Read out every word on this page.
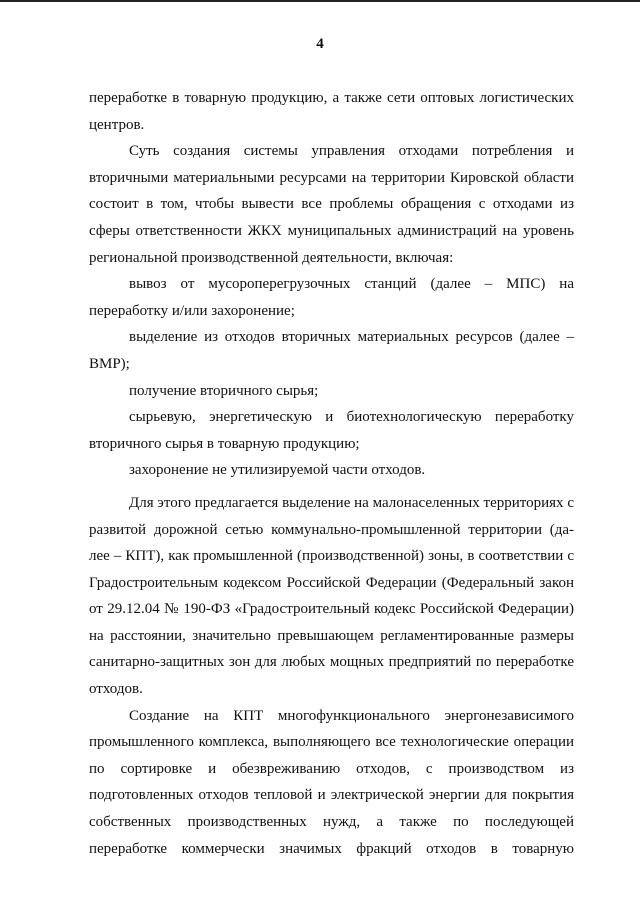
4
переработке в товарную продукцию, а также сети оптовых логистических
центров.
Суть создания системы управления отходами потребления и
вторичными материальными ресурсами на территории Кировской области
состоит в том, чтобы вывести все проблемы обращения с отходами из
сферы ответственности ЖКХ муниципальных администраций на уровень
региональной производственной деятельности, включая:
вывоз от мусороперегрузочных станций (далее – МПС) на
переработку и/или захоронение;
выделение из отходов вторичных материальных ресурсов (далее –
ВМР);
получение вторичного сырья;
сырьевую, энергетическую и биотехнологическую переработку
вторичного сырья в товарную продукцию;
захоронение не утилизируемой части отходов.
Для этого предлагается выделение на малонаселенных территориях с
развитой дорожной сетью коммунально-промышленной территории (да-
лее – КПТ), как промышленной (производственной) зоны, в соответствии с
Градостроительным кодексом Российской Федерации (Федеральный закон
от 29.12.04 № 190-ФЗ «Градостроительный кодекс Российской Федерации)
на расстоянии, значительно превышающем регламентированные размеры
санитарно-защитных зон для любых мощных предприятий по переработке
отходов.
Создание на КПТ многофункционального энергонезависимого
промышленного комплекса, выполняющего все технологические операции
по сортировке и обезвреживанию отходов, с производством из
подготовленных отходов тепловой и электрической энергии для покрытия
собственных производственных нужд, а также по последующей
переработке коммерчески значимых фракций отходов в товарную
